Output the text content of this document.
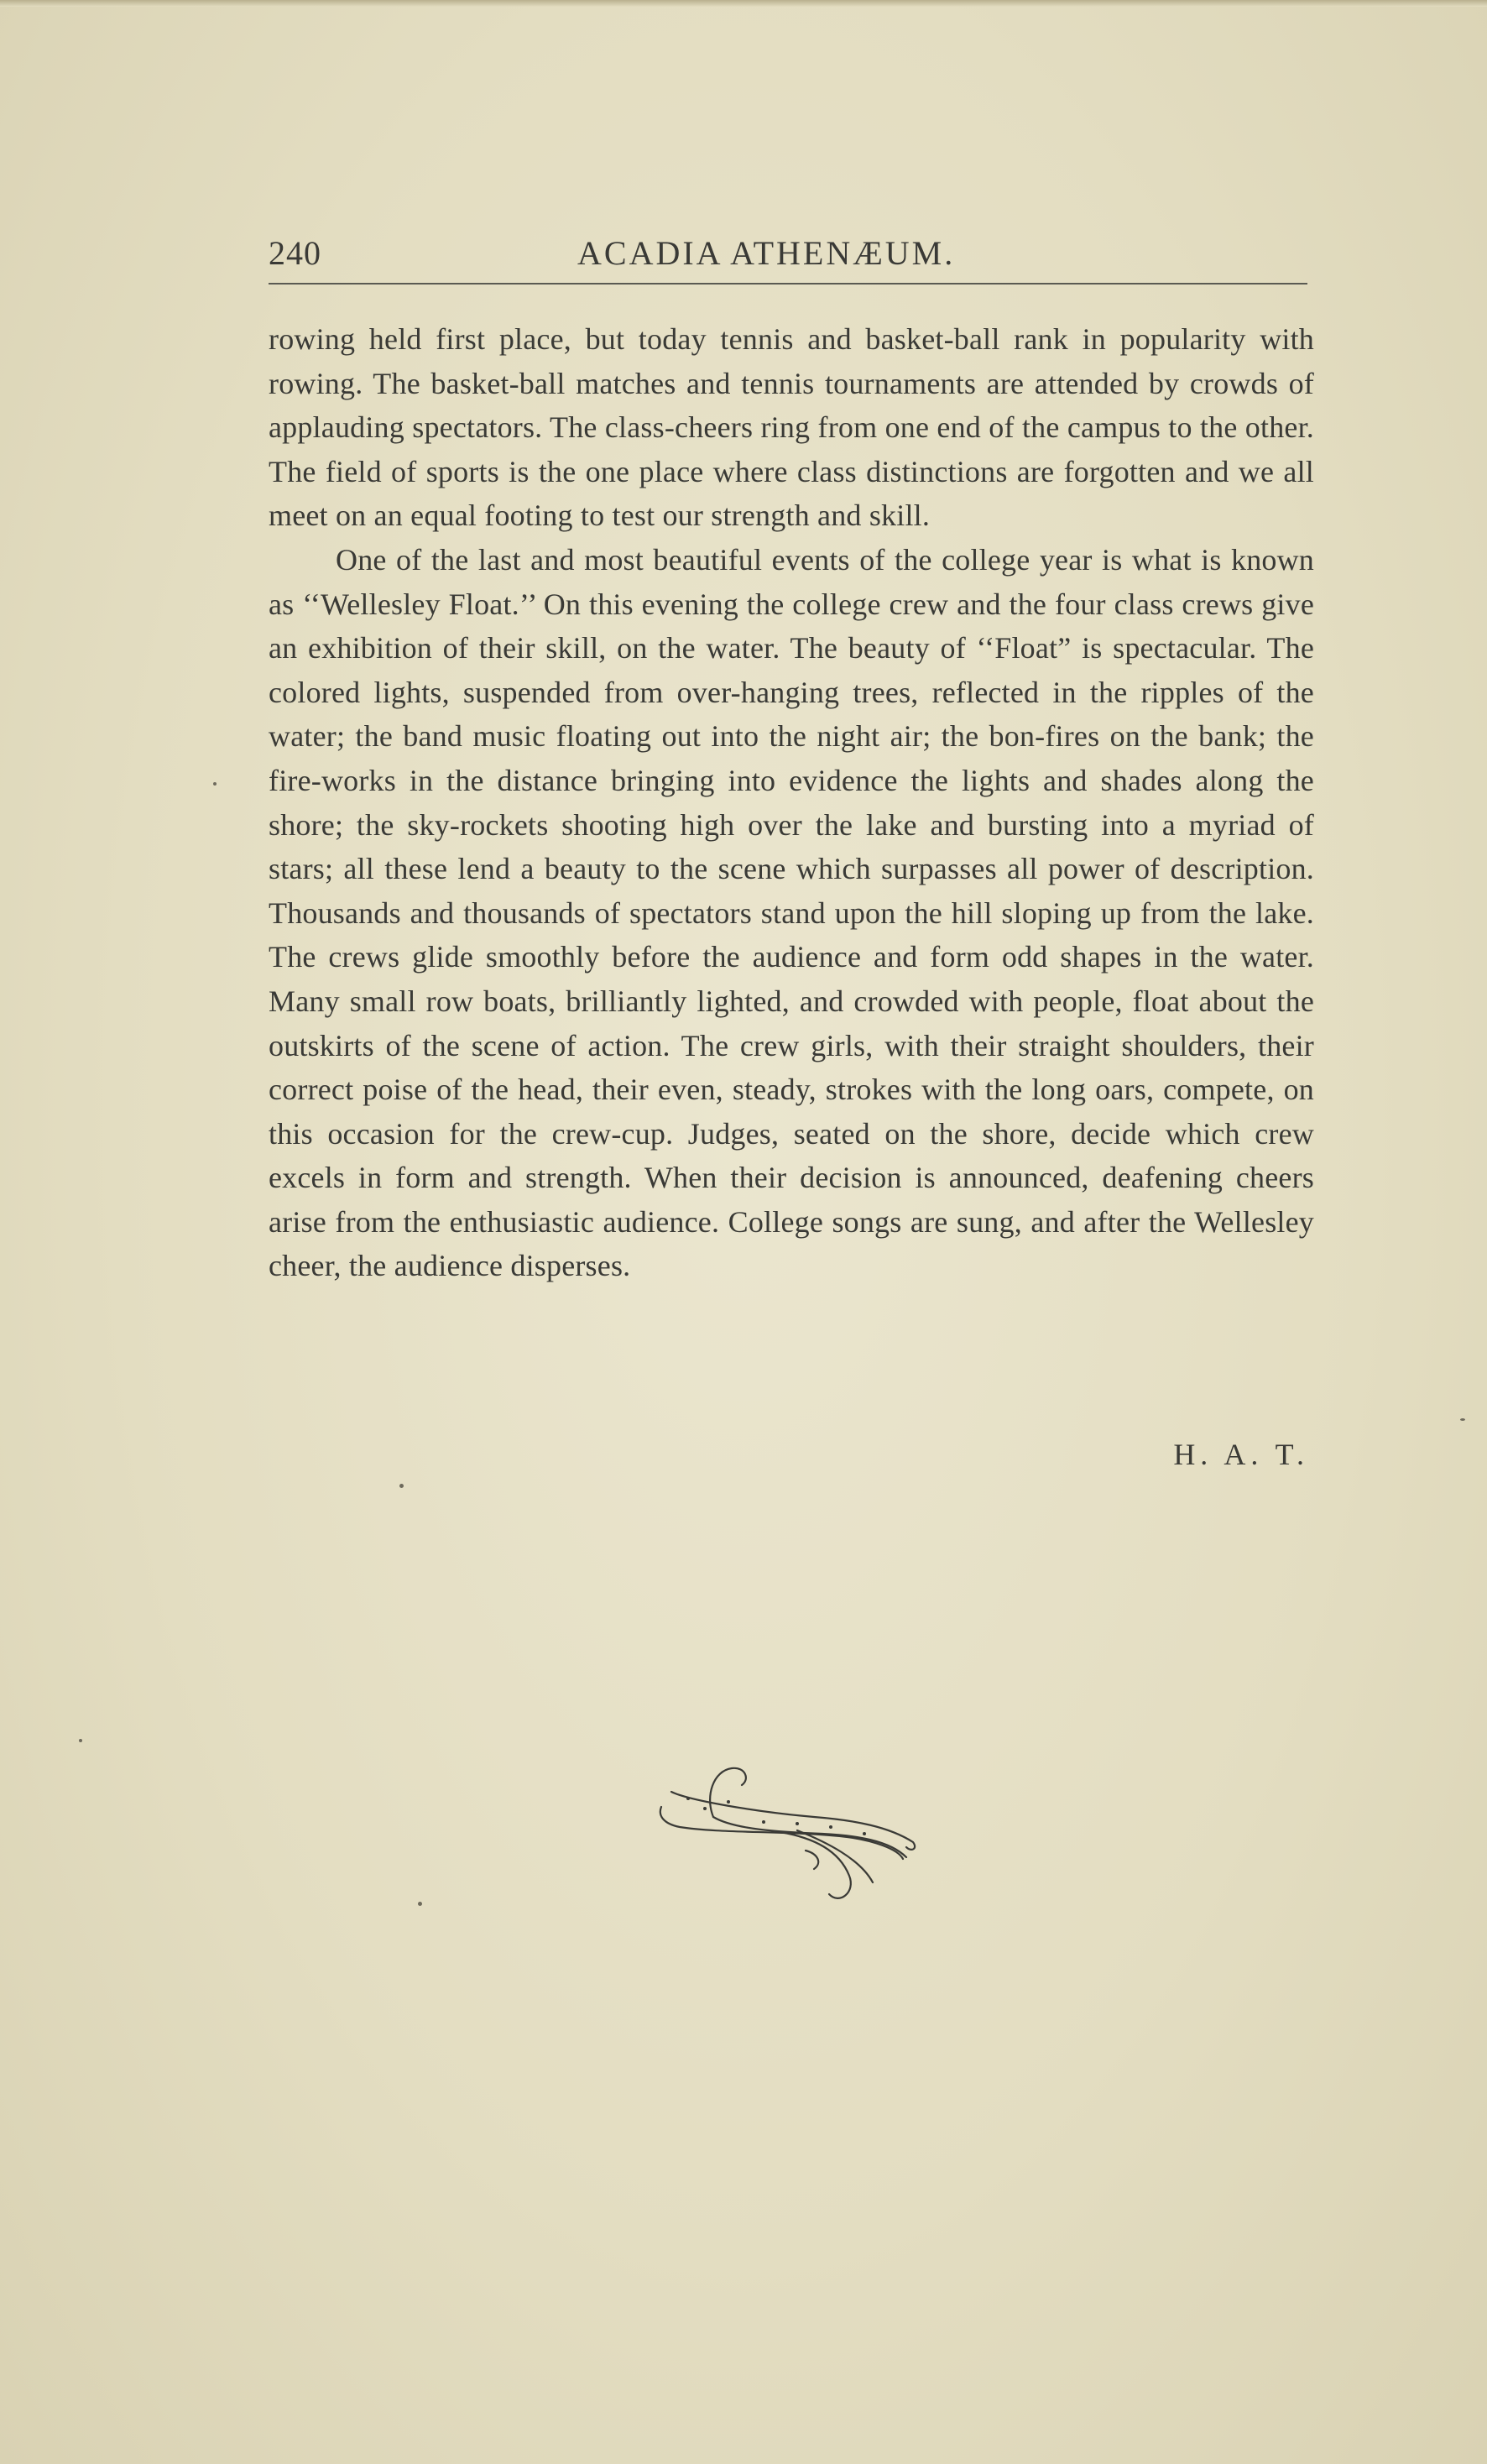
240	ACADIA ATHENÆUM.

rowing held first place, but today tennis and basket-ball rank in popularity with rowing. The basket-ball matches and tennis tournaments are attended by crowds of applauding spectators. The class-cheers ring from one end of the campus to the other. The field of sports is the one place where class distinctions are forgotten and we all meet on an equal footing to test our strength and skill.

One of the last and most beautiful events of the college year is what is known as ‘‘Wellesley Float.’’ On this evening the college crew and the four class crews give an exhibition of their skill, on the water. The beauty of ‘‘Float” is spectacular. The colored lights, suspended from over-hanging trees, reflected in the ripples of the water; the band music floating out into the night air; the bon-fires on the bank; the fire-works in the distance bringing into evidence the lights and shades along the shore; the sky-rockets shooting high over the lake and bursting into a myriad of stars; all these lend a beauty to the scene which surpasses all power of description. Thousands and thousands of spectators stand upon the hill sloping up from the lake. The crews glide smoothly before the audience and form odd shapes in the water. Many small row boats, brilliantly lighted, and crowded with people, float about the outskirts of the scene of action. The crew girls, with their straight shoulders, their correct poise of the head, their even, steady, strokes with the long oars, compete, on this occasion for the crew-cup. Judges, seated on the shore, decide which crew excels in form and strength. When their decision is announced, deafening cheers arise from the enthusiastic audience. College songs are sung, and after the Wellesley cheer, the audience disperses.

H. A. T.
